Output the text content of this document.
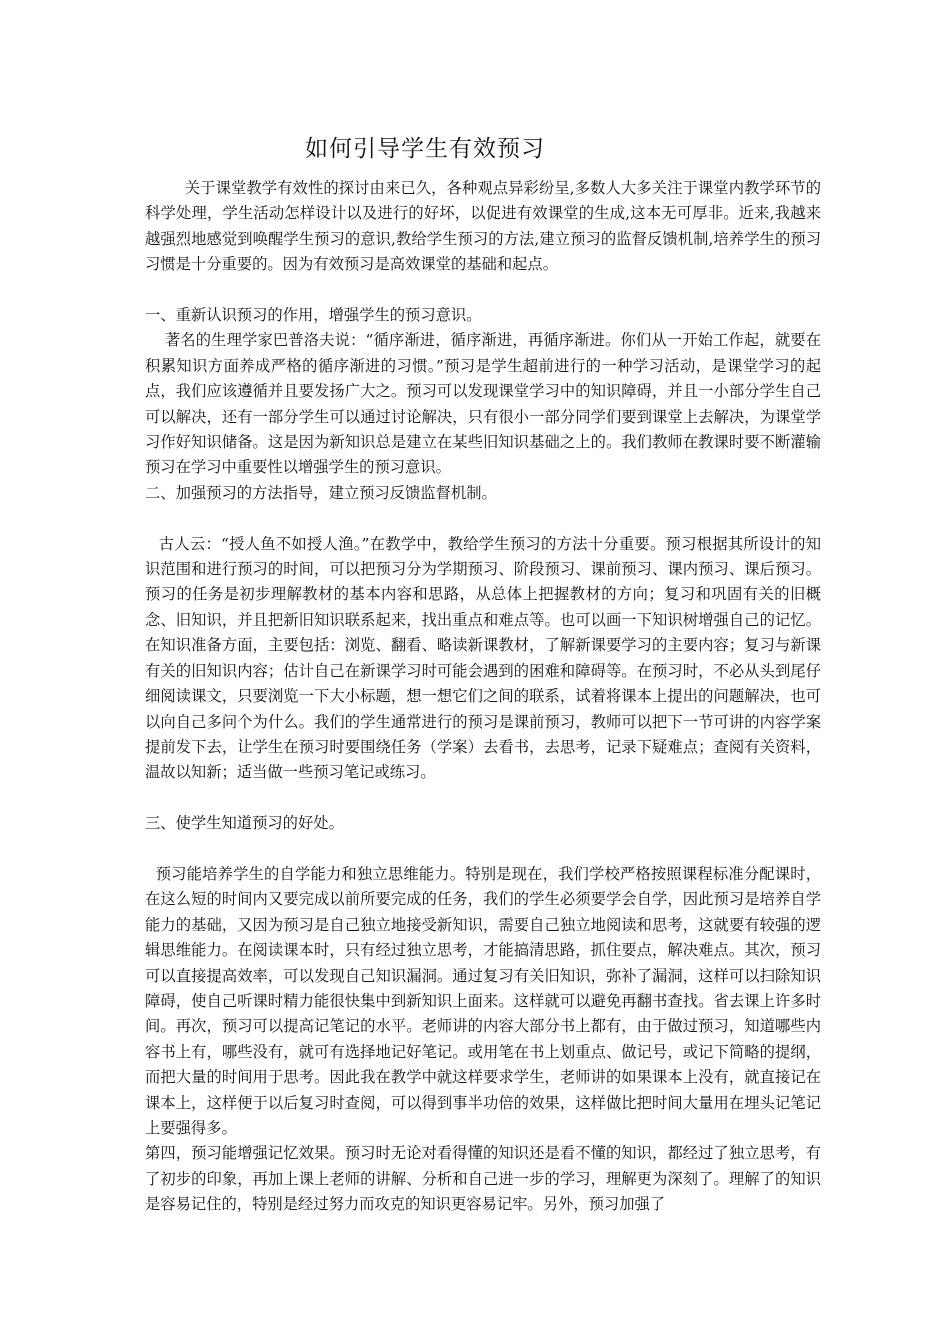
如何引导学生有效预习

关于课堂教学有效性的探讨由来已久，各种观点异彩纷呈,多数人大多关注于课堂内教学环节的科学处理，学生活动怎样设计以及进行的好坏，以促进有效课堂的生成,这本无可厚非。近来,我越来越强烈地感觉到唤醒学生预习的意识,教给学生预习的方法,建立预习的监督反馈机制,培养学生的预习习惯是十分重要的。因为有效预习是高效课堂的基础和起点。

一、重新认识预习的作用，增强学生的预习意识。

著名的生理学家巴普洛夫说：“循序渐进，循序渐进，再循序渐进。你们从一开始工作起，就要在积累知识方面养成严格的循序渐进的习惯。”预习是学生超前进行的一种学习活动，是课堂学习的起点，我们应该遵循并且要发扬广大之。预习可以发现课堂学习中的知识障碍，并且一小部分学生自己可以解决，还有一部分学生可以通过讨论解决，只有很小一部分同学们要到课堂上去解决，为课堂学习作好知识储备。这是因为新知识总是建立在某些旧知识基础之上的。我们教师在教课时要不断灌输预习在学习中重要性以增强学生的预习意识。

二、加强预习的方法指导，建立预习反馈监督机制。

古人云：“授人鱼不如授人渔。”在教学中，教给学生预习的方法十分重要。预习根据其所设计的知识范围和进行预习的时间，可以把预习分为学期预习、阶段预习、课前预习、课内预习、课后预习。预习的任务是初步理解教材的基本内容和思路，从总体上把握教材的方向；复习和巩固有关的旧概念、旧知识，并且把新旧知识联系起来，找出重点和难点等。也可以画一下知识树增强自己的记忆。在知识准备方面，主要包括：浏览、翻看、略读新课教材，了解新课要学习的主要内容；复习与新课有关的旧知识内容；估计自己在新课学习时可能会遇到的困难和障碍等。在预习时，不必从头到尾仔细阅读课文，只要浏览一下大小标题，想一想它们之间的联系，试着将课本上提出的问题解决，也可以向自己多问个为什么。我们的学生通常进行的预习是课前预习，教师可以把下一节可讲的内容学案提前发下去，让学生在预习时要围绕任务（学案）去看书，去思考，记录下疑难点；查阅有关资料，温故以知新；适当做一些预习笔记或练习。

三、使学生知道预习的好处。

预习能培养学生的自学能力和独立思维能力。特别是现在，我们学校严格按照课程标准分配课时，在这么短的时间内又要完成以前所要完成的任务，我们的学生必须要学会自学，因此预习是培养自学能力的基础，又因为预习是自己独立地接受新知识，需要自己独立地阅读和思考，这就要有较强的逻辑思维能力。在阅读课本时，只有经过独立思考，才能搞清思路，抓住要点，解决难点。其次，预习可以直接提高效率，可以发现自己知识漏洞。通过复习有关旧知识，弥补了漏洞，这样可以扫除知识障碍，使自己听课时精力能很快集中到新知识上面来。这样就可以避免再翻书查找。省去课上许多时间。再次，预习可以提高记笔记的水平。老师讲的内容大部分书上都有，由于做过预习，知道哪些内容书上有，哪些没有，就可有选择地记好笔记。或用笔在书上划重点、做记号，或记下简略的提纲，而把大量的时间用于思考。因此我在教学中就这样要求学生，老师讲的如果课本上没有，就直接记在课本上，这样便于以后复习时查阅，可以得到事半功倍的效果，这样做比把时间大量用在埋头记笔记上要强得多。

第四，预习能增强记忆效果。预习时无论对看得懂的知识还是看不懂的知识，都经过了独立思考，有了初步的印象，再加上课上老师的讲解、分析和自己进一步的学习，理解更为深刻了。理解了的知识是容易记住的，特别是经过努力而攻克的知识更容易记牢。另外，预习加强了
